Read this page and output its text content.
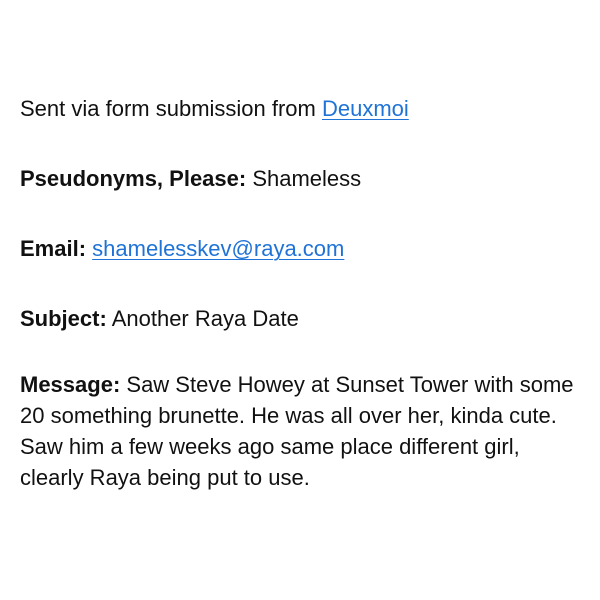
Sent via form submission from Deuxmoi

Pseudonyms, Please: Shameless

Email: shamelesskev@raya.com

Subject: Another Raya Date

Message: Saw Steve Howey at Sunset Tower with some 20 something brunette. He was all over her, kinda cute. Saw him a few weeks ago same place different girl, clearly Raya being put to use.
